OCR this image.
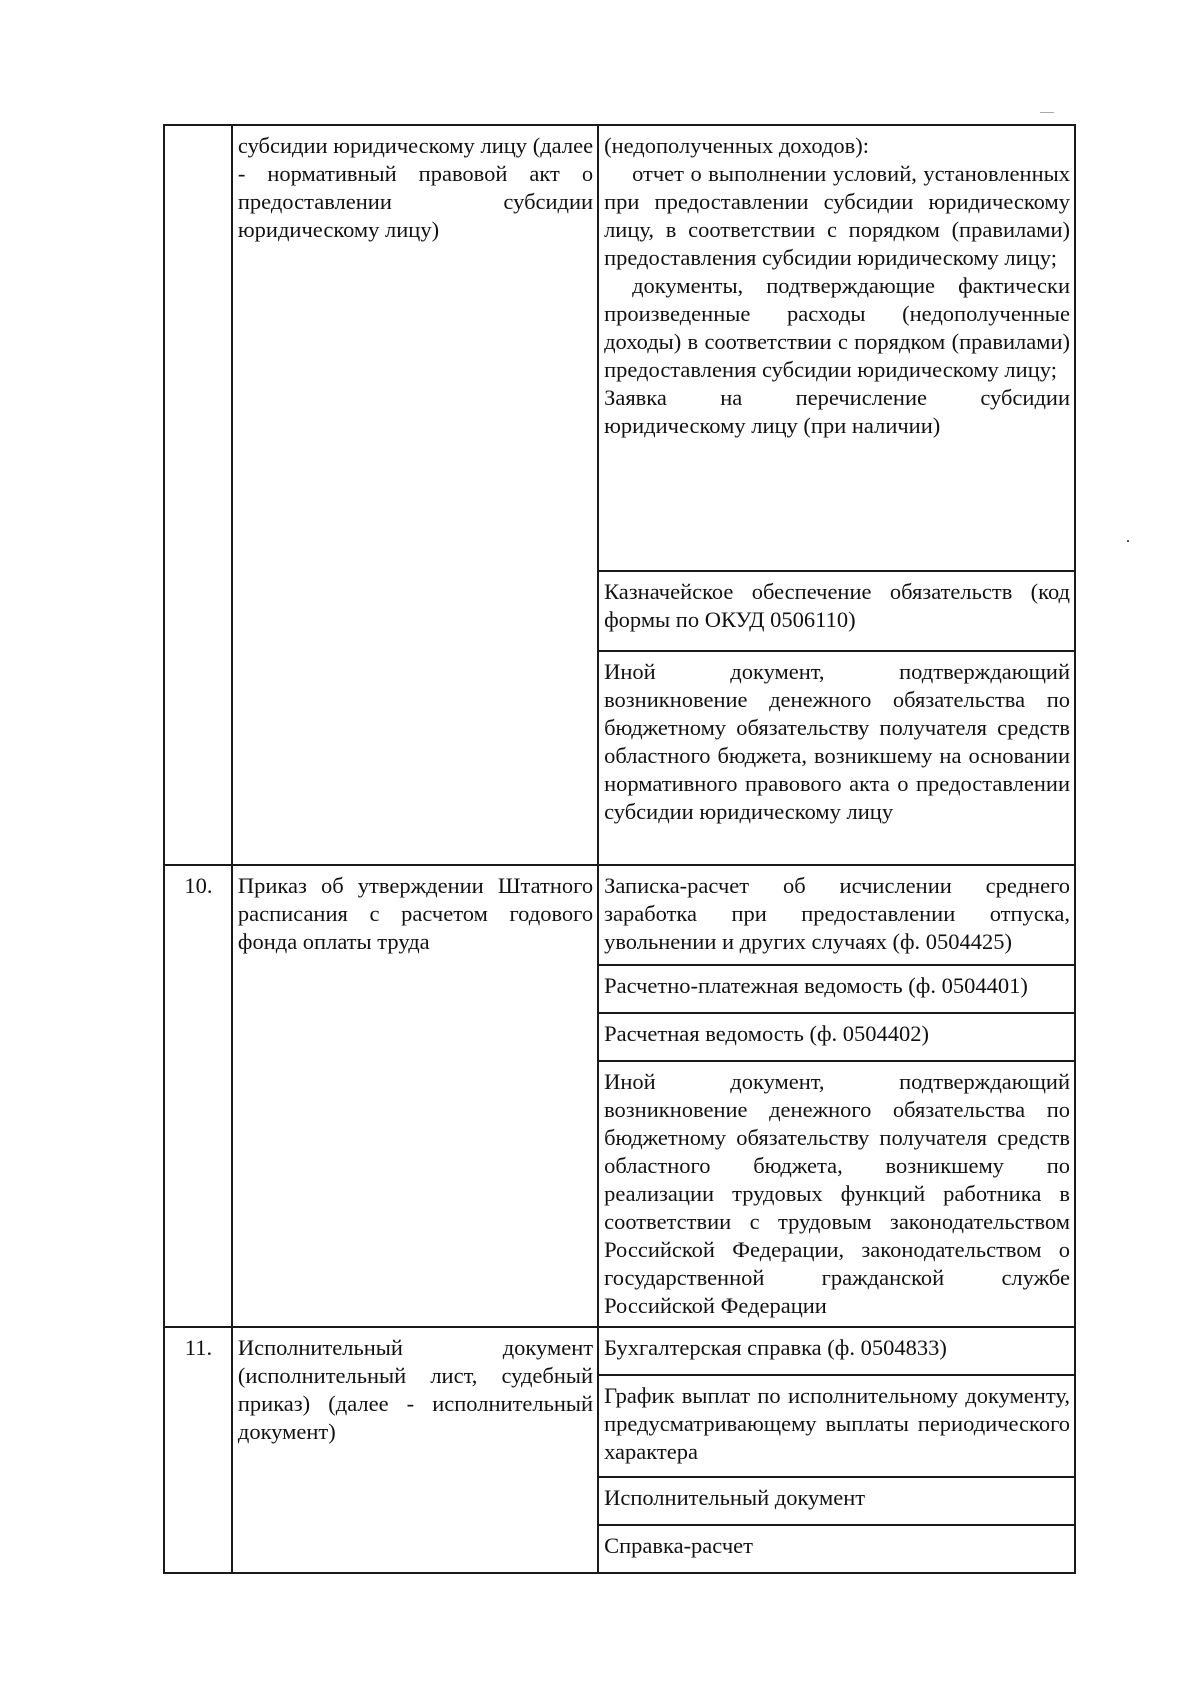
	субсидии юридическому лицу (далее - нормативный правовой акт о предоставлении субсидии юридическому лицу)	(недополученных доходов):
отчет о выполнении условий, установленных при предоставлении субсидии юридическому лицу, в соответствии с порядком (правилами) предоставления субсидии юридическому лицу;
документы, подтверждающие фактически произведенные расходы (недополученные доходы) в соответствии с порядком (правилами) предоставления субсидии юридическому лицу;
Заявка на перечисление субсидии юридическому лицу (при наличии)

		Казначейское обеспечение обязательств (код формы по ОКУД 0506110)
		Иной документ, подтверждающий возникновение денежного обязательства по бюджетному обязательству получателя средств областного бюджета, возникшему на основании нормативного правового акта о предоставлении субсидии юридическому лицу
10.	Приказ об утверждении Штатного расписания с расчетом годового фонда оплаты труда	Записка-расчет об исчислении среднего заработка при предоставлении отпуска, увольнении и других случаях (ф. 0504425)
		Расчетно-платежная ведомость (ф. 0504401)
		Расчетная ведомость (ф. 0504402)
		Иной документ, подтверждающий возникновение денежного обязательства по бюджетному обязательству получателя средств областного бюджета, возникшему по реализации трудовых функций работника в соответствии с трудовым законодательством Российской Федерации, законодательством о государственной гражданской службе Российской Федерации
11.	Исполнительный документ (исполнительный лист, судебный приказ) (далее - исполнительный документ)	Бухгалтерская справка (ф. 0504833)
		График выплат по исполнительному документу, предусматривающему выплаты периодического характера
		Исполнительный документ
		Справка-расчет
